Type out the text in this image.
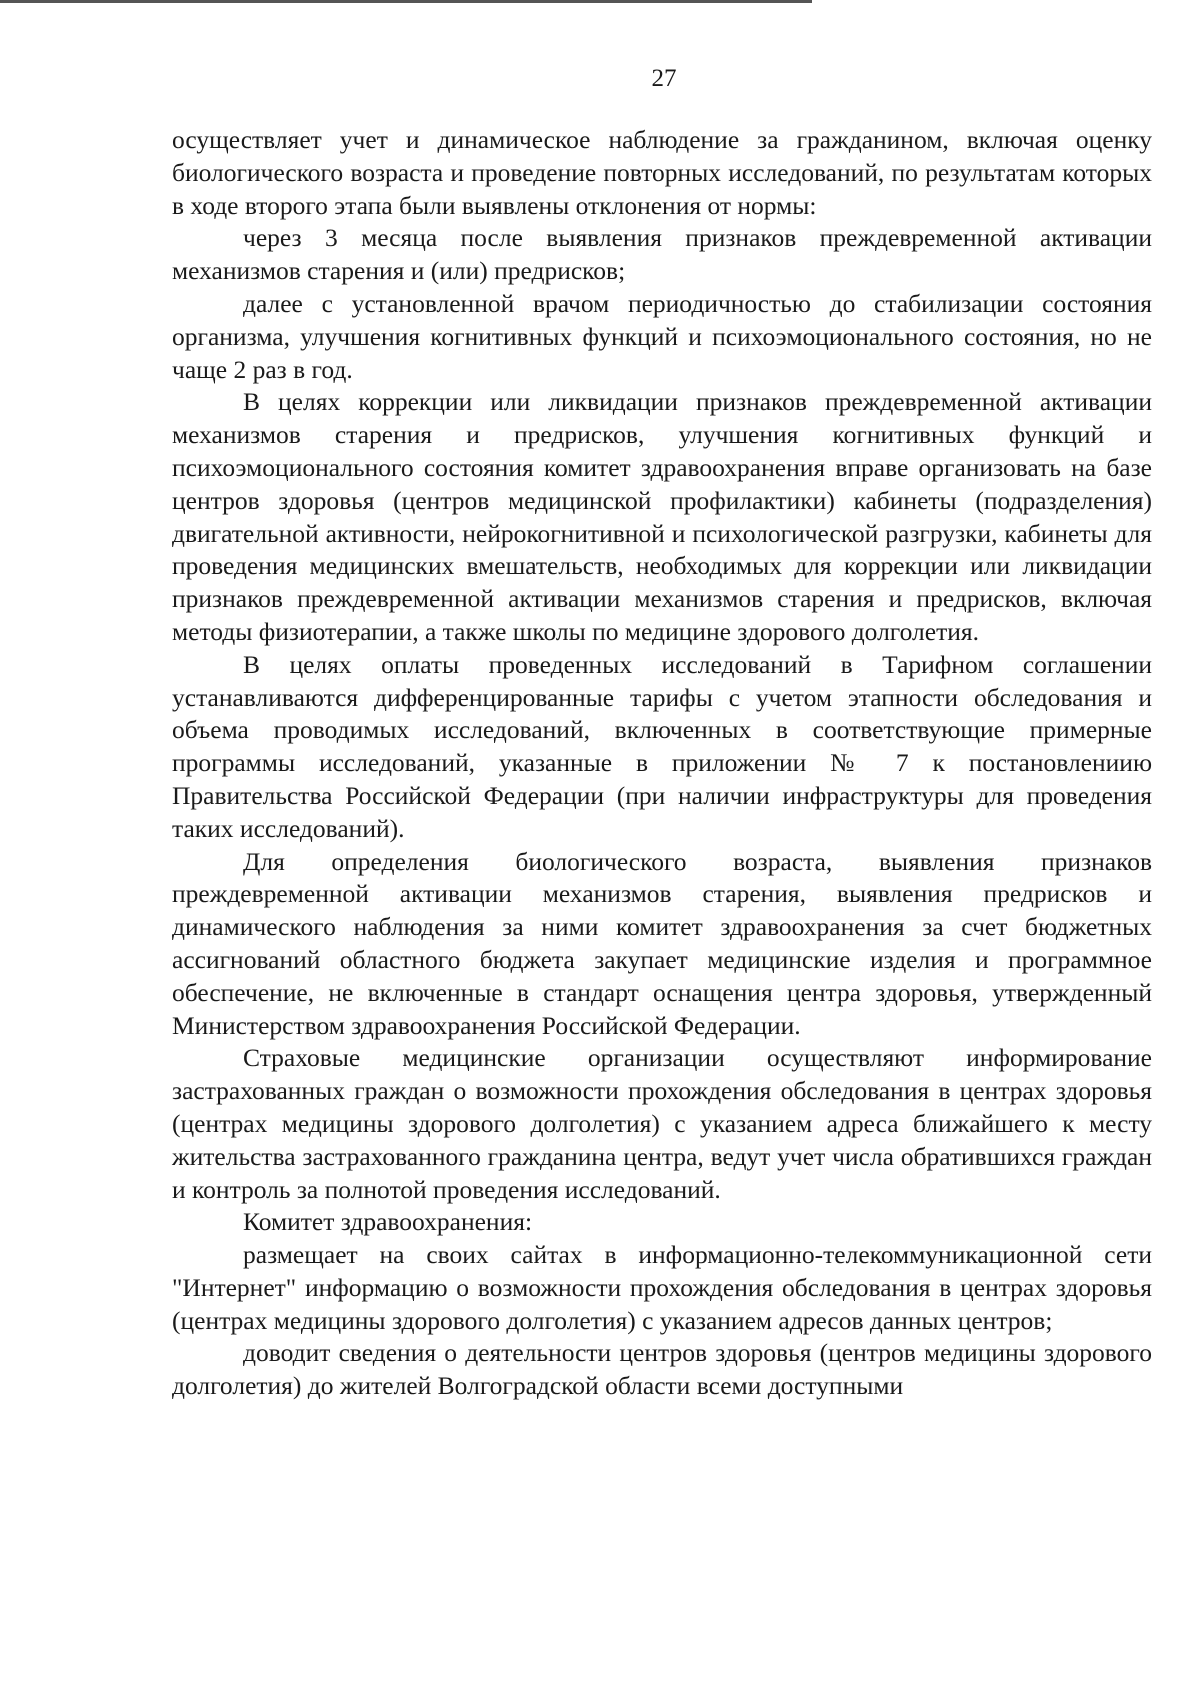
27

осуществляет учет и динамическое наблюдение за гражданином, включая оценку биологического возраста и проведение повторных исследований, по результатам которых в ходе второго этапа были выявлены отклонения от нормы:

через 3 месяца после выявления признаков преждевременной активации механизмов старения и (или) предрисков;

далее с установленной врачом периодичностью до стабилизации состояния организма, улучшения когнитивных функций и психоэмоционального состояния, но не чаще 2 раз в год.

В целях коррекции или ликвидации признаков преждевременной активации механизмов старения и предрисков, улучшения когнитивных функций и психоэмоционального состояния комитет здравоохранения вправе организовать на базе центров здоровья (центров медицинской профилактики) кабинеты (подразделения) двигательной активности, нейрокогнитивной и психологической разгрузки, кабинеты для проведения медицинских вмешательств, необходимых для коррекции или ликвидации признаков преждевременной активации механизмов старения и предрисков, включая методы физиотерапии, а также школы по медицине здорового долголетия.

В целях оплаты проведенных исследований в Тарифном соглашении устанавливаются дифференцированные тарифы с учетом этапности обследования и объема проводимых исследований, включенных в соответствующие примерные программы исследований, указанные в приложении № 7 к постановлениию Правительства Российской Федерации (при наличии инфраструктуры для проведения таких исследований).

Для определения биологического возраста, выявления признаков преждевременной активации механизмов старения, выявления предрисков и динамического наблюдения за ними комитет здравоохранения за счет бюджетных ассигнований областного бюджета закупает медицинские изделия и программное обеспечение, не включенные в стандарт оснащения центра здоровья, утвержденный Министерством здравоохранения Российской Федерации.

Страховые медицинские организации осуществляют информирование застрахованных граждан о возможности прохождения обследования в центрах здоровья (центрах медицины здорового долголетия) с указанием адреса ближайшего к месту жительства застрахованного гражданина центра, ведут учет числа обратившихся граждан и контроль за полнотой проведения исследований.

Комитет здравоохранения:

размещает на своих сайтах в информационно-телекоммуникационной сети "Интернет" информацию о возможности прохождения обследования в центрах здоровья (центрах медицины здорового долголетия) с указанием адресов данных центров;

доводит сведения о деятельности центров здоровья (центров медицины здорового долголетия) до жителей Волгоградской области всеми доступными
